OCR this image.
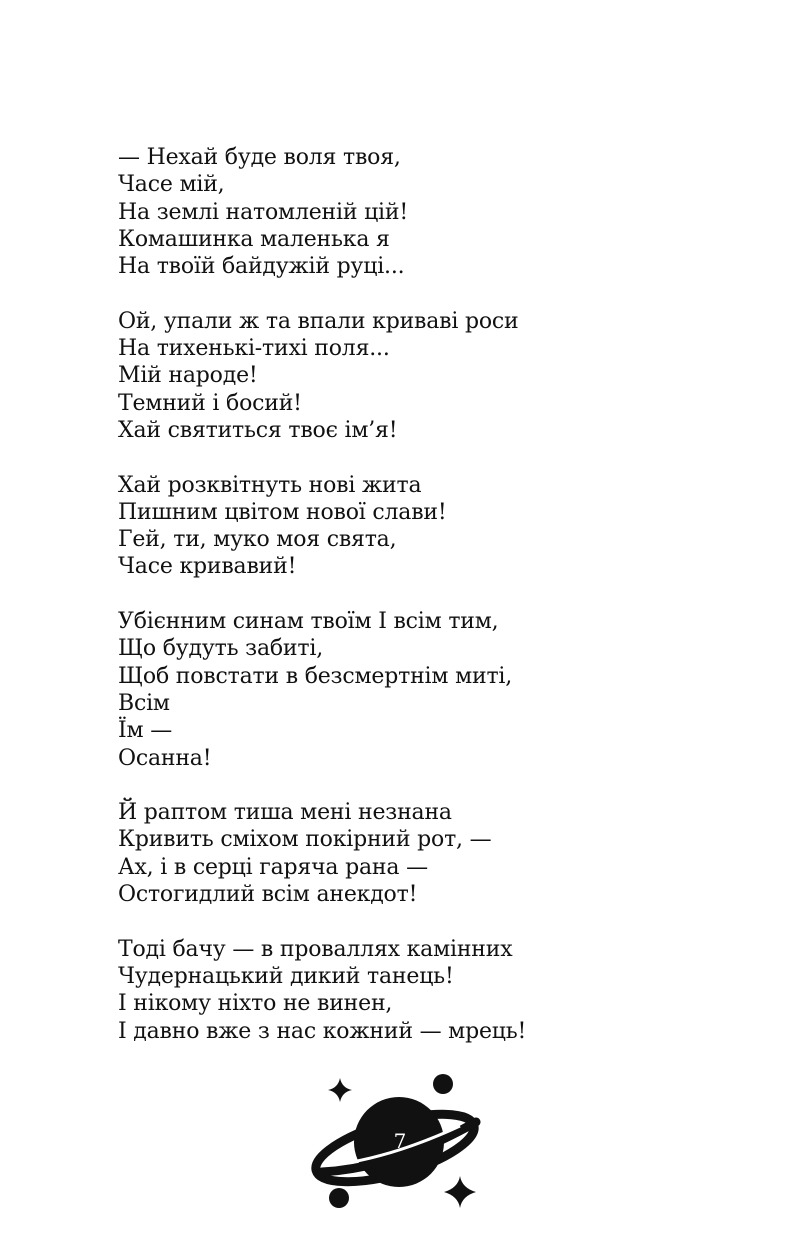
— Нехай буде воля твоя,
Часе мій,
На землі натомленій цій!
Комашинка маленька я
На твоїй байдужій руці...
Ой, упали ж та впали криваві роси
На тихенькі-тихі поля...
Мій народе!
Темний і босий!
Хай святиться твоє ім’я!
Хай розквітнуть нові жита
Пишним цвітом нової слави!
Гей, ти, муко моя свята,
Часе кривавий!
Убієнним синам твоїм І всім тим,
Що будуть забиті,
Щоб повстати в безсмертнім миті,
Всім
Їм —
Осанна!
Й раптом тиша мені незнана
Кривить сміхом покірний рот, —
Ах, і в серці гаряча рана —
Остогидлий всім анекдот!
Тоді бачу — в проваллях камінних
Чудернацький дикий танець!
І нікому ніхто не винен,
І давно вже з нас кожний — мрець!
7
